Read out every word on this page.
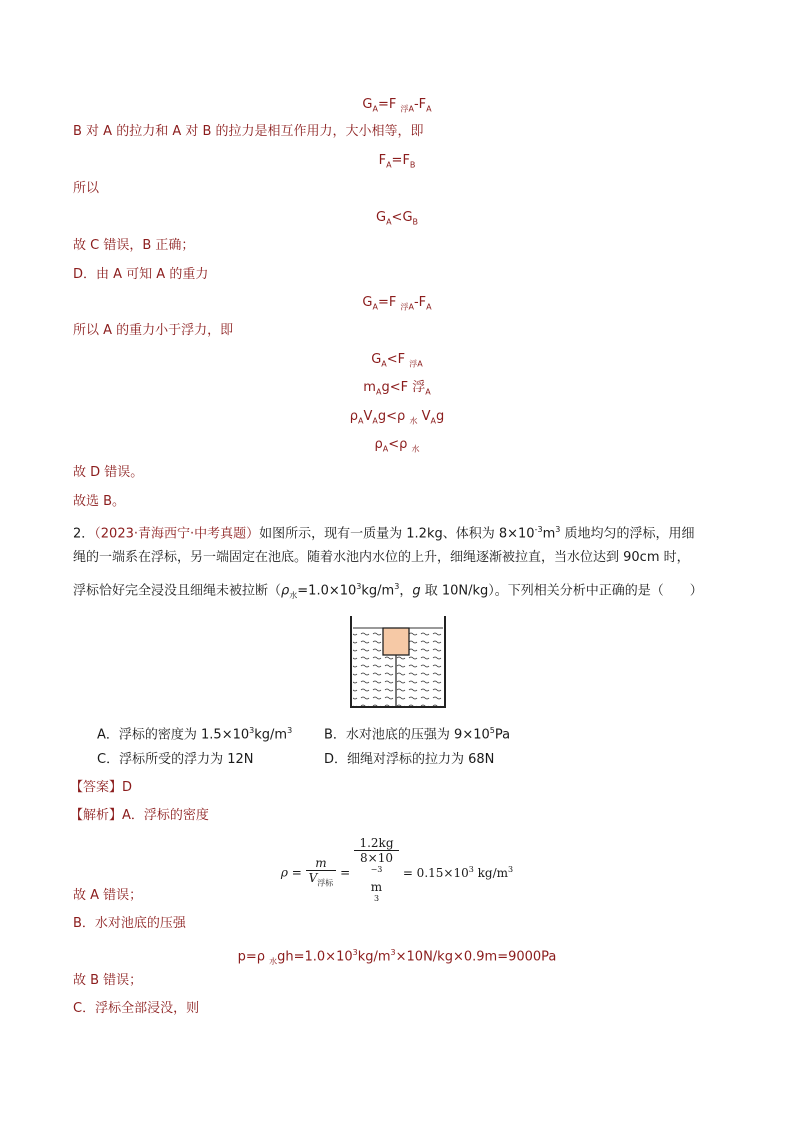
$G_A=F$ $_{浮A}-F_A$
B 对 A 的拉力和 A 对 B 的拉力是相互作用力，大小相等，即
$F_A=F_B$
所以
$G_A<G_B$
故 C 错误，B 正确；
D．由 A 可知 A 的重力
$G_A=F$ $_{浮A}-F_A$
所以 A 的重力小于浮力，即
$G_A<F$ $_{浮A}$
$m_Ag<F$ 浮$_A$
$\rho_AV_Ag<\rho$ $_水$ $V_Ag$
$\rho_A<\rho$ $_水$
故 D 错误。
故选 B。
2．（2023·青海西宁·中考真题）如图所示，现有一质量为 1.2kg、体积为 $8\times 10^{-3}m^3$ 质地均匀的浮标，用细
绳的一端系在浮标，另一端固定在池底。随着水池内水位的上升，细绳逐渐被拉直，当水位达到 90cm 时，
浮标恰好完全浸没且细绳未被拉断（$\rho_水=1.0\times 10^3kg/m^3$，g 取 10N/kg）。下列相关分析中正确的是（　　）
A．浮标的密度为 $1.5\times 10^3kg/m^3$ B．水对池底的压强为 $9\times 10^5Pa$
C．浮标所受的浮力为 12N	D．细绳对浮标的拉力为 68N
【答案】D
【解析】A．浮标的密度
$\rho = \frac{m}{V_{浮标}} = 1.2kg$
8×10
$^{-3}$
m
$^3 = 0.15\times 10^3$ $kg/m^3$
故 A 错误；
B．水对池底的压强
p=ρ $_水gh=1.0\times 10^3kg/m^3\times 10N/kg\times 0.9m=9000Pa$
故 B 错误；
C．浮标全部浸没，则
